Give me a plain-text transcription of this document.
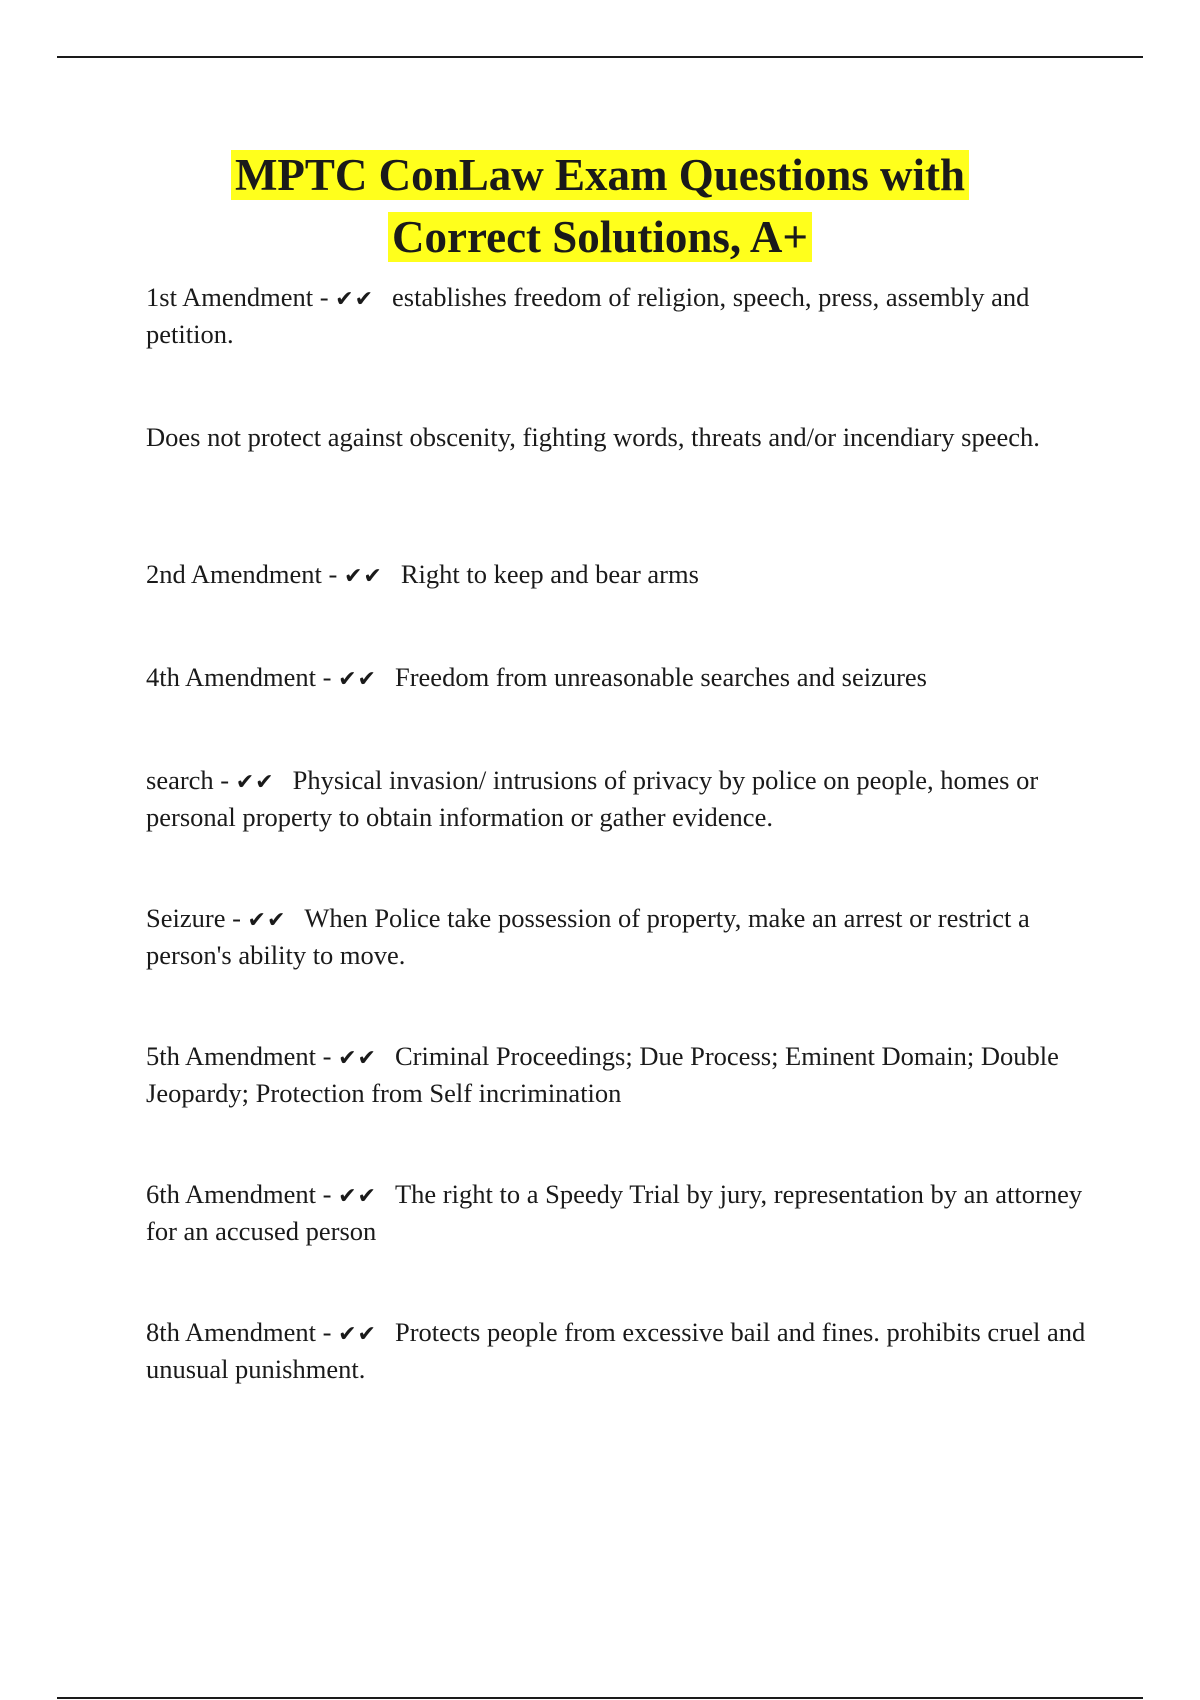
MPTC ConLaw Exam Questions with
Correct Solutions, A+

1st Amendment - ✔✔ establishes freedom of religion, speech, press, assembly and petition.

Does not protect against obscenity, fighting words, threats and/or incendiary speech.

2nd Amendment - ✔✔ Right to keep and bear arms

4th Amendment - ✔✔ Freedom from unreasonable searches and seizures

search - ✔✔ Physical invasion/ intrusions of privacy by police on people, homes or personal property to obtain information or gather evidence.

Seizure - ✔✔ When Police take possession of property, make an arrest or restrict a person's ability to move.

5th Amendment - ✔✔ Criminal Proceedings; Due Process; Eminent Domain; Double Jeopardy; Protection from Self incrimination

6th Amendment - ✔✔ The right to a Speedy Trial by jury, representation by an attorney for an accused person

8th Amendment - ✔✔ Protects people from excessive bail and fines. prohibits cruel and unusual punishment.
